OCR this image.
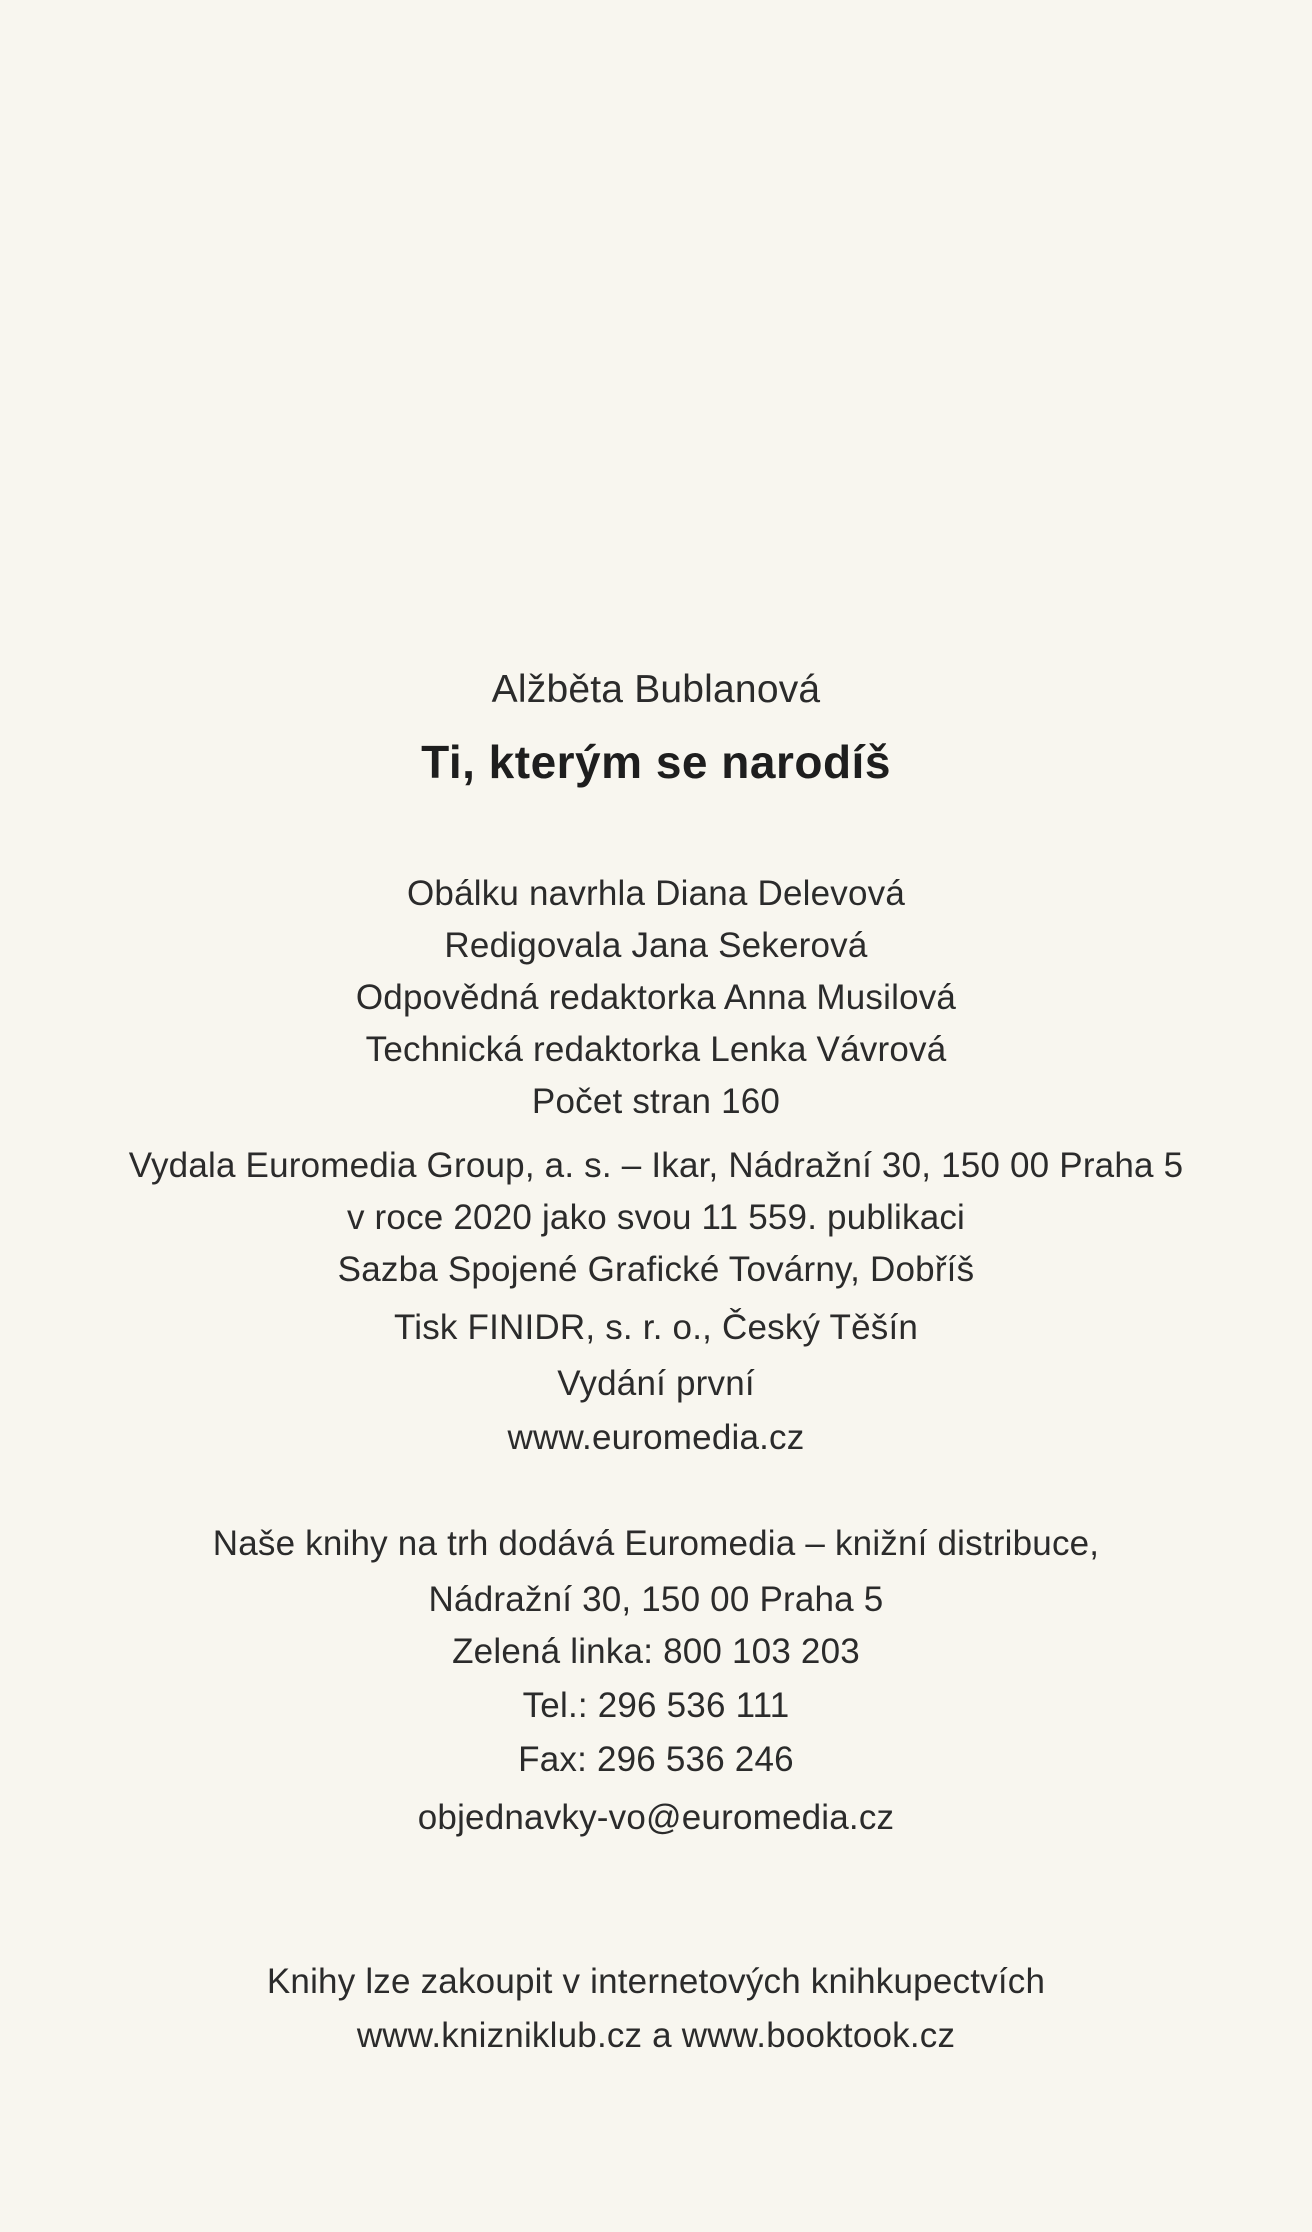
Alžběta Bublanová
Ti, kterým se narodíš
Obálku navrhla Diana Delevová
Redigovala Jana Sekerová
Odpovědná redaktorka Anna Musilová
Technická redaktorka Lenka Vávrová
Počet stran 160
Vydala Euromedia Group, a. s. – Ikar, Nádražní 30, 150 00 Praha 5
v roce 2020 jako svou 11 559. publikaci
Sazba Spojené Grafické Továrny, Dobříš
Tisk FINIDR, s. r. o., Český Těšín
Vydání první
www.euromedia.cz
Naše knihy na trh dodává Euromedia – knižní distribuce,
Nádražní 30, 150 00 Praha 5
Zelená linka: 800 103 203
Tel.: 296 536 111
Fax: 296 536 246
objednavky-vo@euromedia.cz
Knihy lze zakoupit v internetových knihkupectvích
www.knizniklub.cz a www.booktook.cz
